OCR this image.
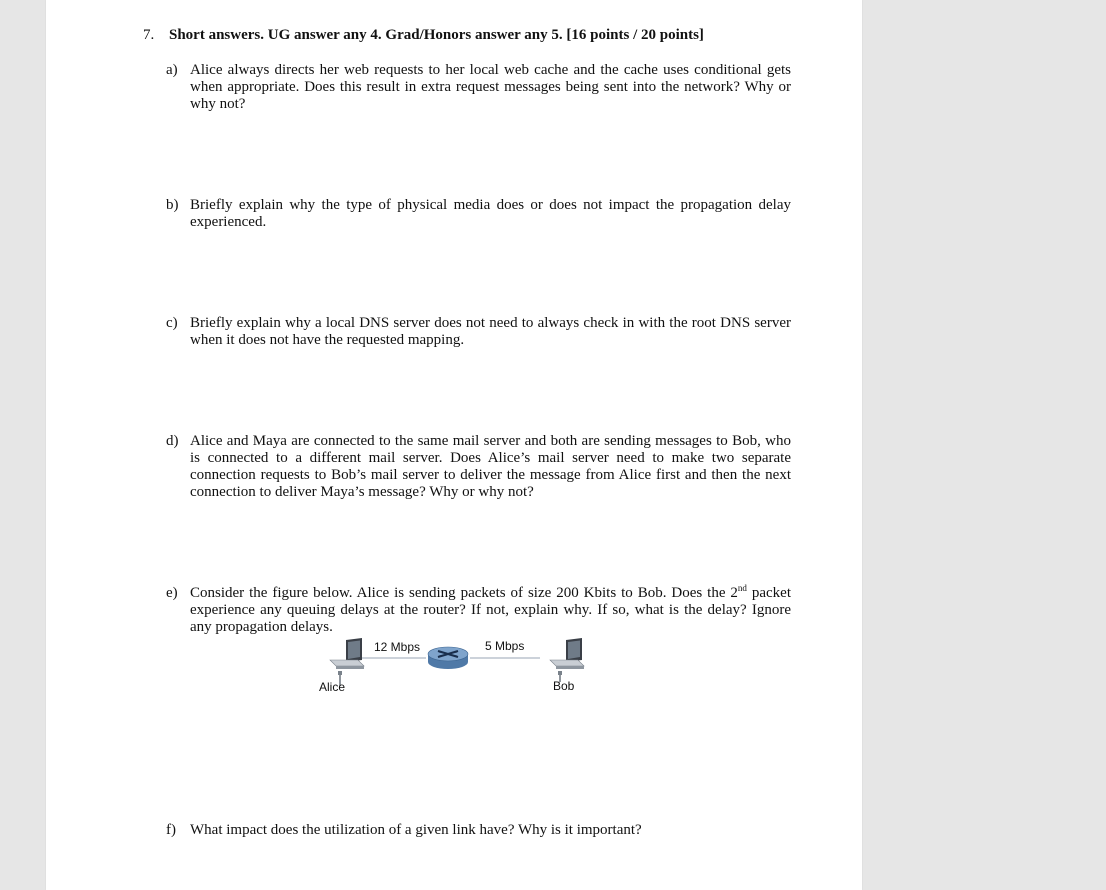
7. Short answers. UG answer any 4. Grad/Honors answer any 5. [16 points / 20 points]
a) Alice always directs her web requests to her local web cache and the cache uses conditional gets when appropriate. Does this result in extra request messages being sent into the network? Why or why not?
b) Briefly explain why the type of physical media does or does not impact the propagation delay experienced.
c) Briefly explain why a local DNS server does not need to always check in with the root DNS server when it does not have the requested mapping.
d) Alice and Maya are connected to the same mail server and both are sending messages to Bob, who is connected to a different mail server. Does Alice’s mail server need to make two separate connection requests to Bob’s mail server to deliver the message from Alice first and then the next connection to deliver Maya’s message? Why or why not?
e) Consider the figure below. Alice is sending packets of size 200 Kbits to Bob. Does the 2nd packet experience any queuing delays at the router? If not, explain why. If so, what is the delay? Ignore any propagation delays.
12 Mbps	5 Mbps
Alice	Bob
f) What impact does the utilization of a given link have? Why is it important?
